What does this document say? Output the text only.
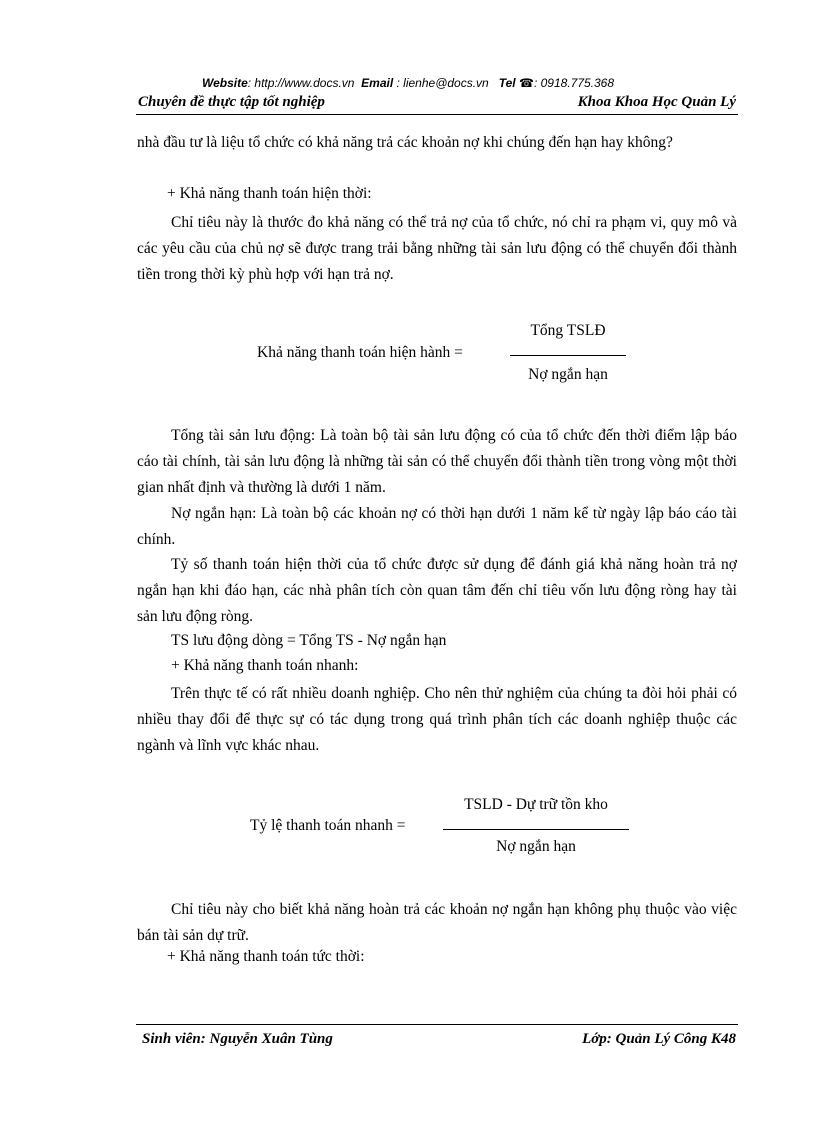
Website: http://www.docs.vn Email : lienhe@docs.vn Tel ☎: 0918.775.368
Chuyên đề thực tập tốt nghiệp	Khoa Khoa Học Quản Lý
nhà đầu tư là liệu tổ chức có khả năng trả các khoản nợ khi chúng đến hạn hay không?
+ Khả năng thanh toán hiện thời:
Chỉ tiêu này là thước đo khả năng có thể trả nợ của tổ chức, nó chỉ ra phạm vi, quy mô và các yêu cầu của chủ nợ sẽ được trang trải bằng những tài sản lưu động có thể chuyển đổi thành tiền trong thời kỳ phù hợp với hạn trả nợ.
Khả năng thanh toán hiện hành =
Tổng TSLĐ
Nợ ngắn hạn
Tổng tài sản lưu động: Là toàn bộ tài sản lưu động có của tổ chức đến thời điểm lập báo cáo tài chính, tài sản lưu động là những tài sản có thể chuyển đổi thành tiền trong vòng một thời gian nhất định và thường là dưới 1 năm.
Nợ ngắn hạn: Là toàn bộ các khoản nợ có thời hạn dưới 1 năm kể từ ngày lập báo cáo tài chính.
Tỷ số thanh toán hiện thời của tổ chức được sử dụng để đánh giá khả năng hoàn trả nợ ngắn hạn khi đáo hạn, các nhà phân tích còn quan tâm đến chỉ tiêu vốn lưu động ròng hay tài sản lưu động ròng.
TS lưu động dòng = Tổng TS - Nợ ngắn hạn
+ Khả năng thanh toán nhanh:
Trên thực tế có rất nhiều doanh nghiệp. Cho nên thử nghiệm của chúng ta đòi hỏi phải có nhiều thay đổi để thực sự có tác dụng trong quá trình phân tích các doanh nghiệp thuộc các ngành và lĩnh vực khác nhau.
Tỷ lệ thanh toán nhanh =
TSLD - Dự trữ tồn kho
Nợ ngắn hạn
Chỉ tiêu này cho biết khả năng hoàn trả các khoản nợ ngắn hạn không phụ thuộc vào việc bán tài sản dự trữ.
+ Khả năng thanh toán tức thời:
Sinh viên: Nguyễn Xuân Tùng	Lớp: Quản Lý Công K48
